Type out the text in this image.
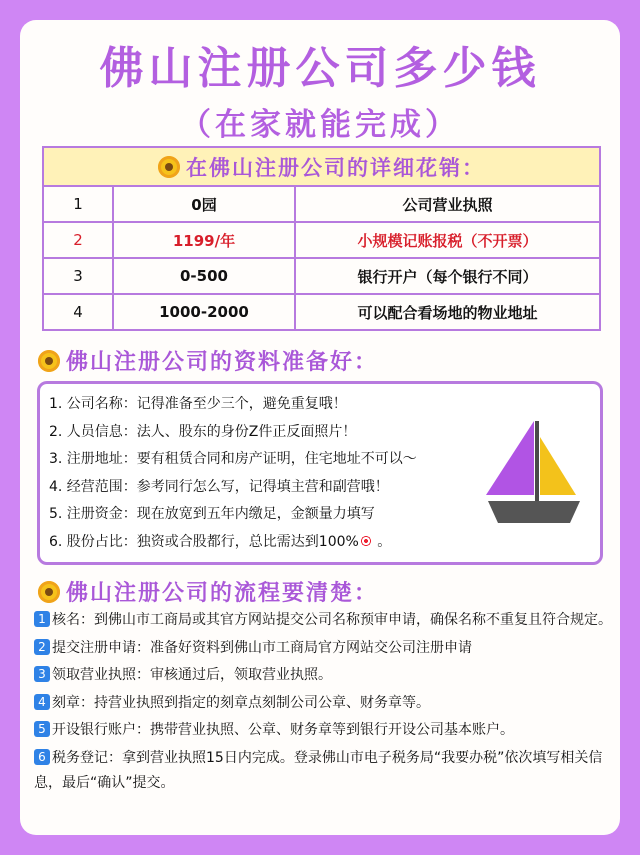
佛山注册公司多少钱
（在家就能完成）
在佛山注册公司的详细花销：		
1	0园	公司营业执照
2	1199/年	小规模记账报税（不开票）
3	0-500	银行开户（每个银行不同）
4	1000-2000	可以配合看场地的物业地址
佛山注册公司的资料准备好：
1. 公司名称：记得准备至少三个，避免重复哦！
2. 人员信息：法人、股东的身份Z件正反面照片！
3. 注册地址：要有租赁合同和房产证明，住宅地址不可以～
4. 经营范围：参考同行怎么写，记得填主营和副营哦！
5. 注册资金：现在放宽到五年内缴足，金额量力填写
6. 股份占比：独资或合股都行，总比需达到100% 。
佛山注册公司的流程要清楚：
1 核名：到佛山市工商局或其官方网站提交公司名称预审申请，确保名称不重复且符合规定。
2 提交注册申请：准备好资料到佛山市工商局官方网站交公司注册申请
3 领取营业执照：审核通过后，领取营业执照。
4 刻章：持营业执照到指定的刻章点刻制公司公章、财务章等。
5 开设银行账户：携带营业执照、公章、财务章等到银行开设公司基本账户。
6 税务登记：拿到营业执照15日内完成。登录佛山市电子税务局“我要办税”依次填写相关信息，最后“确认”提交。
